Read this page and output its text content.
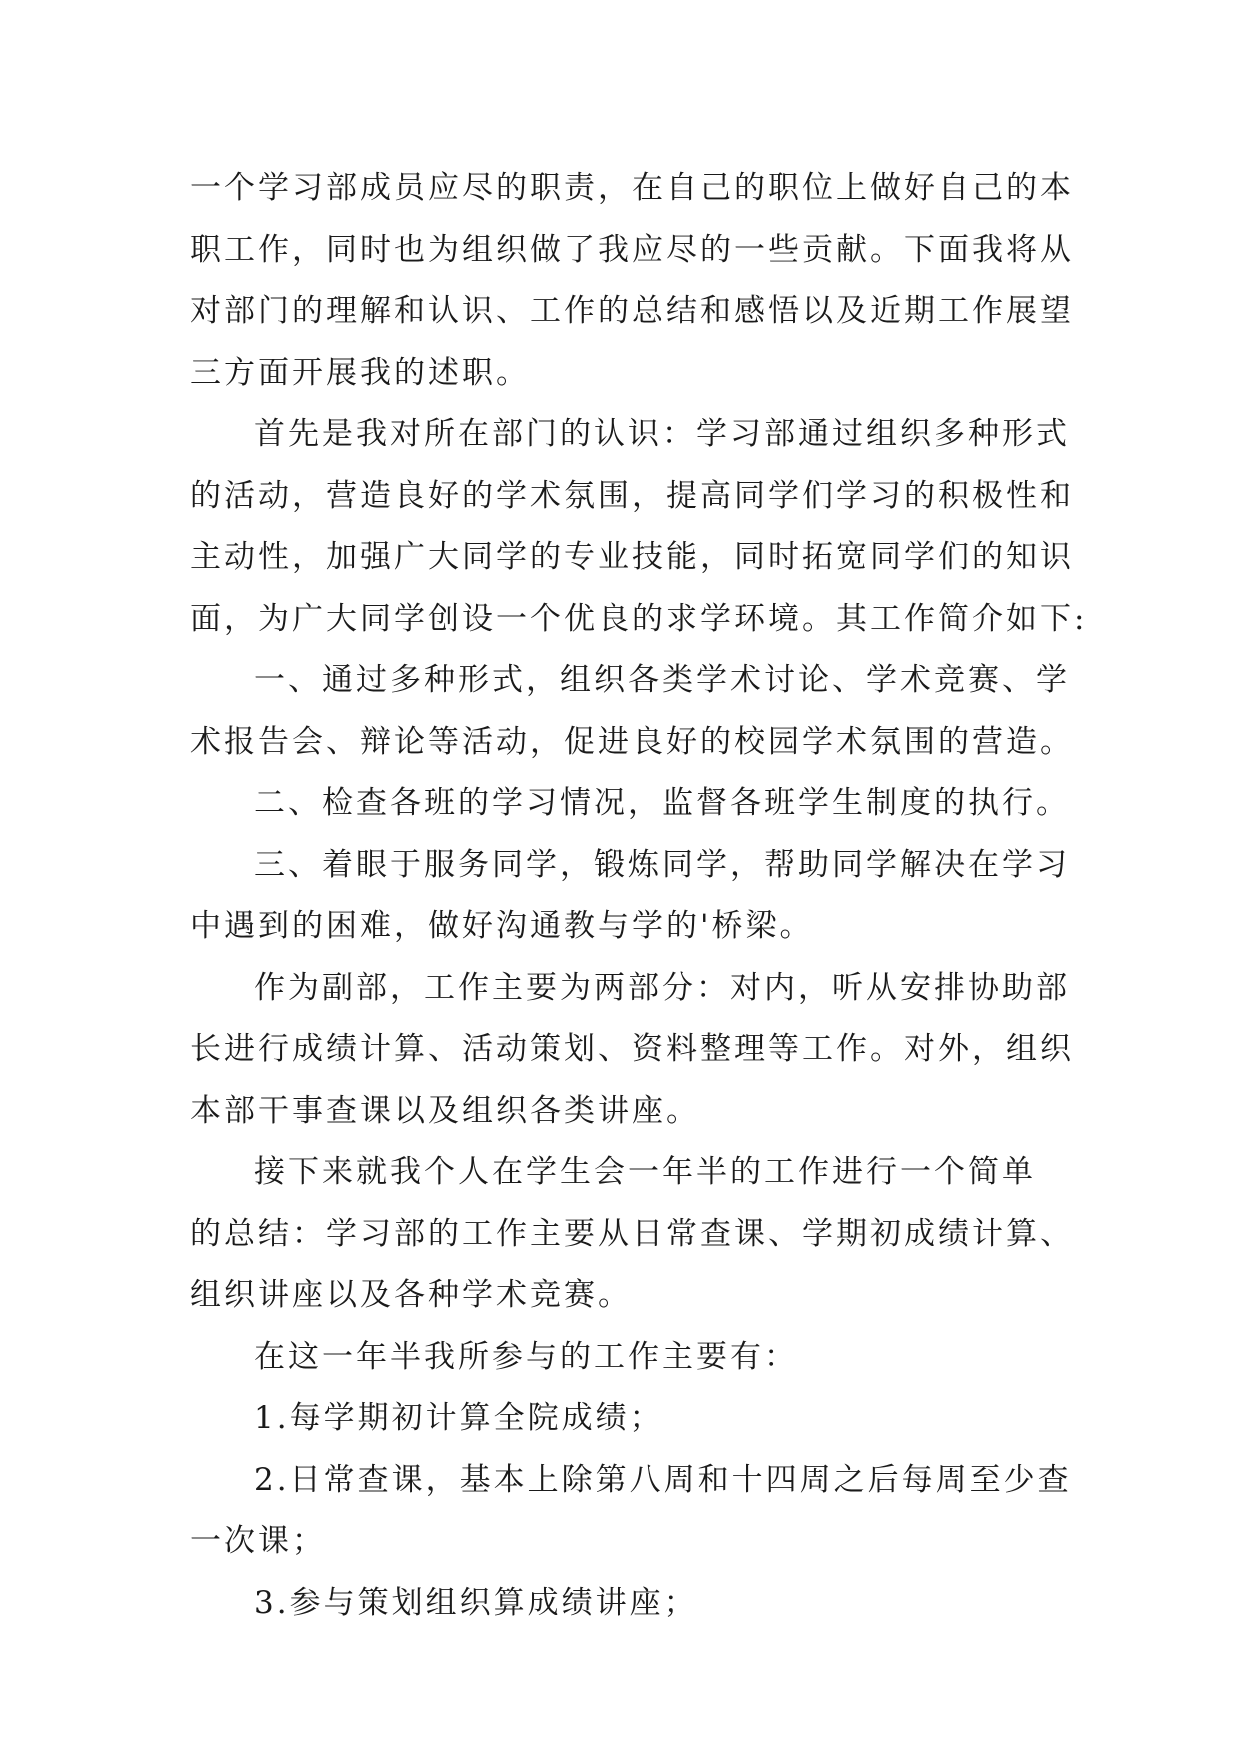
一个学习部成员应尽的职责，在自己的职位上做好自己的本
职工作，同时也为组织做了我应尽的一些贡献。下面我将从
对部门的理解和认识、工作的总结和感悟以及近期工作展望
三方面开展我的述职。
首先是我对所在部门的认识：学习部通过组织多种形式
的活动，营造良好的学术氛围，提高同学们学习的积极性和
主动性，加强广大同学的专业技能，同时拓宽同学们的知识
面，为广大同学创设一个优良的求学环境。其工作简介如下:
一、通过多种形式，组织各类学术讨论、学术竞赛、学
术报告会、辩论等活动，促进良好的校园学术氛围的营造。
二、检查各班的学习情况，监督各班学生制度的执行。
三、着眼于服务同学，锻炼同学，帮助同学解决在学习
中遇到的困难，做好沟通教与学的'桥梁。
作为副部，工作主要为两部分：对内，听从安排协助部
长进行成绩计算、活动策划、资料整理等工作。对外，组织
本部干事查课以及组织各类讲座。
接下来就我个人在学生会一年半的工作进行一个简单
的总结：学习部的工作主要从日常查课、学期初成绩计算、
组织讲座以及各种学术竞赛。
在这一年半我所参与的工作主要有：
1.每学期初计算全院成绩；
2.日常查课，基本上除第八周和十四周之后每周至少查
一次课；
3.参与策划组织算成绩讲座；
